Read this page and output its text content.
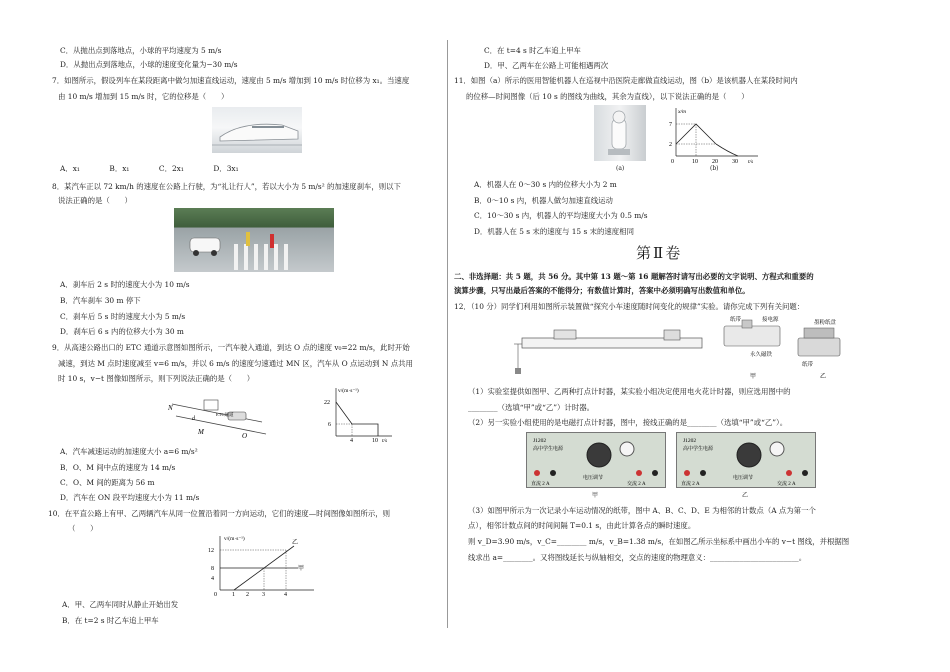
C．从抛出点到落地点，小球的平均速度为 5 m/s
D．从抛出点到落地点，小球的速度变化量为−30 m/s
7．如图所示，假设列车在某段距离中做匀加速直线运动，速度由 5 m/s 增加到 10 m/s 时位移为 x₁。当速度
由 10 m/s 增加到 15 m/s 时，它的位移是（　　）
A．x₁　　　　B．x₁　　　　C．2x₁　　　　D．3x₁
8．某汽车正以 72 km/h 的速度在公路上行驶，为“礼让行人”，若以大小为 5 m/s² 的加速度刹车，则以下
说法正确的是（　　）
A．刹车后 2 s 时的速度大小为 10 m/s
B．汽车刹车 30 m 停下
C．刹车后 5 s 时的速度大小为 5 m/s
D．刹车后 6 s 内的位移大小为 30 m
9．从高速公路出口的 ETC 通道示意图如图所示，一汽车驶入通道，到达 O 点的速度 v₀=22 m/s，此时开始
减速，到达 M 点时速度减至 v=6 m/s，并以 6 m/s 的速度匀速通过 MN 区，汽车从 O 点运动到 N 点共用
时 10 s，v−t 图像如图所示，则下列说法正确的是（　　）
N
M	O
d
ETC通道
v/(m·s⁻¹)
22
6
4	10 t/s
A．汽车减速运动的加速度大小 a=6 m/s²
B．O、M 间中点的速度为 14 m/s
C．O、M 间的距离为 56 m
D．汽车在 ON 段平均速度大小为 11 m/s
10．在平直公路上有甲、乙两辆汽车从同一位置沿着同一方向运动，它们的速度—时间图像如图所示，则
（　　）
v/(m·s⁻¹)
12
8
4
0	1 2 3	4
甲
乙
A．甲、乙两车同时从静止开始出发
B．在 t=2 s 时乙车追上甲车
C．在 t=4 s 时乙车追上甲车
11．如图（a）所示的医用智能机器人在巡视中沿医院走廊做直线运动，图（b）是该机器人在某段时间内
的位移—时间图像（后 10 s 的图线为曲线，其余为直线），以下说法正确的是（　　）
D．甲、乙两车在公路上可能相遇两次
(a)
x/m
7
2
0	10 20 30 t/s
(b)
A．机器人在 0～30 s 内的位移大小为 2 m
B．0～10 s 内，机器人做匀加速直线运动
C．10～30 s 内，机器人的平均速度大小为 0.5 m/s
D．机器人在 5 s 末的速度与 15 s 末的速度相同
第Ⅱ卷
二、非选择题：共 5 题，共 56 分。其中第 13 题～第 16 题解答时请写出必要的文字说明、方程式和重要的
演算步骤，只写出最后答案的不能得分；有数值计算时，答案中必须明确写出数值和单位。
12．（10 分）同学们利用如图所示装置做“探究小车速度随时间变化的规律”实验。请你完成下列有关问题：
纸带	接电源
永久磁铁
甲
墨粉纸盘
纸带
乙
（1）实验室提供如图甲、乙两种打点计时器，某实验小组决定使用电火花计时器，则应选用图中的
________（选填“甲”或“乙”）计时器。
（2）另一实验小组使用的是电磁打点计时器，图中，接线正确的是________（选填“甲”或“乙”）。
J1202
高中学生电源
电压调节
直流 2 A	交流 2 A
甲
J1202
高中学生电源
电压调节
直流 2 A	交流 2 A
乙
（3）如图甲所示为一次记录小车运动情况的纸带，图中 A、B、C、D、E 为相邻的计数点（A 点为第一个
点），相邻计数点间的时间间隔 T=0.1 s，由此计算各点的瞬时速度。
则 v_D=3.90 m/s，v_C=________ m/s，v_B=1.38 m/s，在如图乙所示坐标系中画出小车的 v−t 图线，并根据图
线求出 a=________。又将图线延长与纵轴相交，交点的速度的物理意义：________________________。
